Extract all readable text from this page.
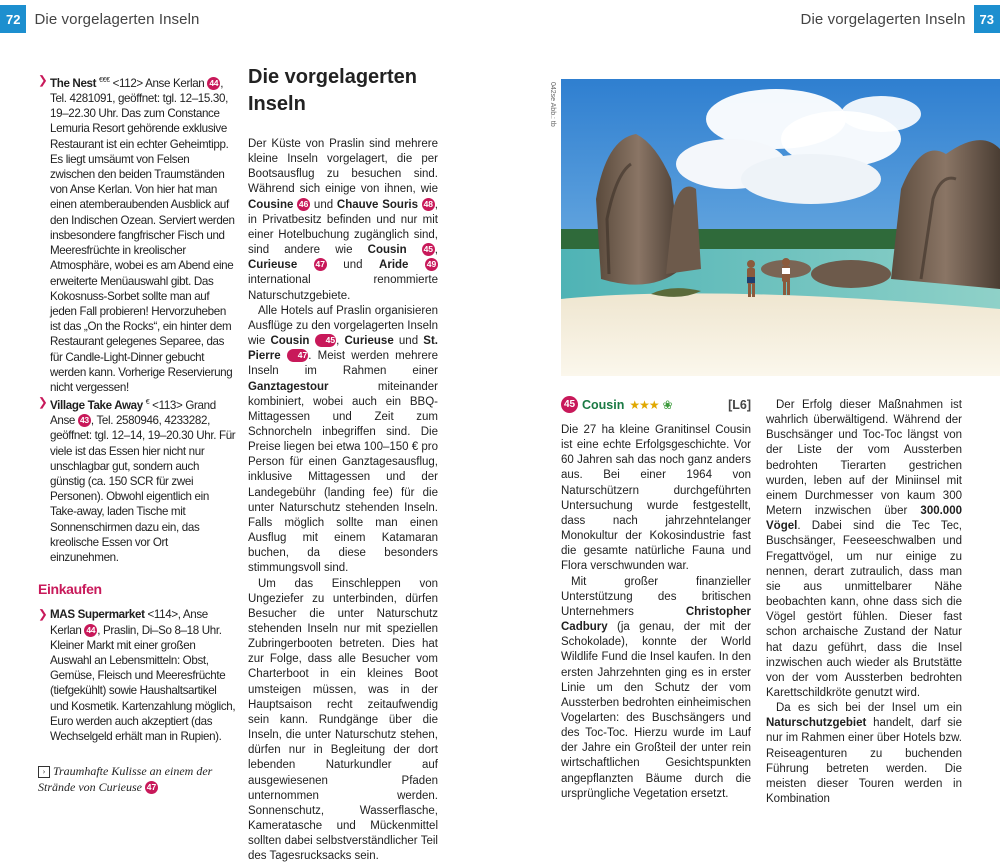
72 Die vorgelagerten Inseln	Die vorgelagerten Inseln	73

❯ The Nest €€€ <112> Anse Kerlan 44 , Tel. 4281091, geöffnet: tgl. 12–15.30, 19–22.30 Uhr. Das zum Constance Lemuria Resort gehörende exklusive Restaurant ist ein echter Geheimtipp. Es liegt umsäumt von Felsen zwischen den beiden Traumständen von Anse Kerlan. Von hier hat man einen atemberaubenden Ausblick auf den Indischen Ozean. Serviert werden insbesondere fangfrischer Fisch und Meeresfrüchte in kreolischer Atmosphäre, wobei es am Abend eine erweiterte Menüauswahl gibt. Das Kokosnuss-Sorbet sollte man auf jeden Fall probieren! Hervorzuheben ist das „On the Rocks“, ein hinter dem Restaurant gelegenes Separee, das für Candle-Light-Dinner gebucht werden kann. Vorherige Reservierung nicht vergessen!

❯ Village Take Away € <113> Grand Anse 43 , Tel. 2580946, 4233282, geöffnet: tgl. 12–14, 19–20.30 Uhr. Für viele ist das Essen hier nicht nur unschlagbar gut, sondern auch günstig (ca. 150 SCR für zwei Personen). Obwohl eigentlich ein Take-away, laden Tische mit Sonnenschirmen dazu ein, das kreolische Essen vor Ort einzunehmen.

Einkaufen

❯ MAS Supermarket <114>, Anse Kerlan 44 , Praslin, Di–So 8–18 Uhr. Kleiner Markt mit einer großen Auswahl an Lebensmitteln: Obst, Gemüse, Fleisch und Meeresfrüchte (tiefgekühlt) sowie Haushaltsartikel und Kosmetik. Kartenzahlung möglich, Euro werden auch akzeptiert (das Wechselgeld erhält man in Rupien).

› Traumhafte Kulisse an einem der Strände von Curieuse 47
Die vorgelagerten
Inseln

Der Küste von Praslin sind mehrere kleine Inseln vorgelagert, die per Bootsausflug zu besuchen sind. Während sich einige von ihnen, wie Cousine 46 und Chauve Souris 48 , in Privatbesitz befinden und nur mit einer Hotelbuchung zugänglich sind, sind andere wie Cousin 45 , Curieuse 47 und Aride 49 international renommierte Naturschutzgebiete.

Alle Hotels auf Praslin organisieren Ausflüge zu den vorgelagerten Inseln wie Cousin 45, Curieuse und St. Pierre 47. Meist werden mehrere Inseln im Rahmen einer Ganztagestour miteinander kombiniert, wobei auch ein BBQ-Mittagessen und Zeit zum Schnorcheln inbegriffen sind. Die Preise liegen bei etwa 100–150 € pro Person für einen Ganztagesausflug, inklusive Mittagessen und der Landegebühr (landing fee) für die unter Naturschutz stehenden Inseln. Falls möglich sollte man einen Ausflug mit einem Katamaran buchen, da diese besonders stimmungsvoll sind.

Um das Einschleppen von Ungeziefer zu unterbinden, dürfen Besucher die unter Naturschutz stehenden Inseln nur mit speziellen Zubringerbooten betreten. Dies hat zur Folge, dass alle Besucher vom Charterboot in ein kleines Boot umsteigen müssen, was in der Hauptsaison recht zeitaufwendig sein kann. Rundgänge über die Inseln, die unter Naturschutz stehen, dürfen nur in Begleitung der dort lebenden Naturkundler auf ausgewiesenen Pfaden unternommen werden. Sonnenschutz, Wasserflasche, Kameratasche und Mückenmittel sollten dabei selbstverständlicher Teil des Tagesrucksacks sein.

042se Abb.: tb
45 Cousin ★★★ ❀	[L6]

Die 27 ha kleine Granitinsel Cousin ist eine echte Erfolgsgeschichte. Vor 60 Jahren sah das noch ganz anders aus. Bei einer 1964 von Naturschützern durchgeführten Untersuchung wurde festgestellt, dass nach jahrzehntelanger Monokultur der Kokosindustrie fast die gesamte natürliche Fauna und Flora verschwunden war.

Mit großer finanzieller Unterstützung des britischen Unternehmers Christopher Cadbury (ja genau, der mit der Schokolade), konnte der World Wildlife Fund die Insel kaufen. In den ersten Jahrzehnten ging es in erster Linie um den Schutz der vom Aussterben bedrohten einheimischen Vogelarten: des Buschsängers und des Toc-Toc. Hierzu wurde im Lauf der Jahre ein Großteil der unter rein wirtschaftlichen Gesichtspunkten angepflanzten Bäume durch die ursprüngliche Vegetation ersetzt.

Der Erfolg dieser Maßnahmen ist wahrlich überwältigend. Während der Buschsänger und Toc-Toc längst von der Liste der vom Aussterben bedrohten Tierarten gestrichen wurden, leben auf der Miniinsel mit einem Durchmesser von kaum 300 Metern inzwischen über 300.000 Vögel. Dabei sind die Tec Tec, Buschsänger, Feeseeschwalben und Fregattvögel, um nur einige zu nennen, derart zutraulich, dass man sie aus unmittelbarer Nähe beobachten kann, ohne dass sich die Vögel gestört fühlen. Dieser fast schon archaische Zustand der Natur hat dazu geführt, dass die Insel inzwischen auch wieder als Brutstätte von der vom Aussterben bedrohten Karettschildkröte genutzt wird.

Da es sich bei der Insel um ein Naturschutzgebiet handelt, darf sie nur im Rahmen einer über Hotels bzw. Reiseagenturen zu buchenden Führung betreten werden. Die meisten dieser Touren werden in Kombination
